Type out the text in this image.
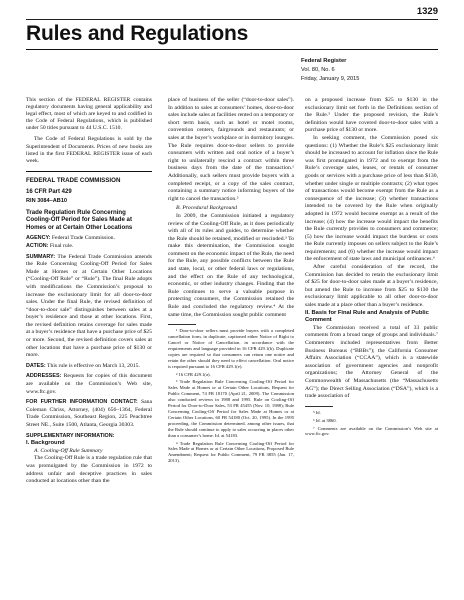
1329
Rules and Regulations
Federal Register
Vol. 80, No. 6
Friday, January 9, 2015

This section of the FEDERAL REGISTER contains regulatory documents having general applicability and legal effect, most of which are keyed to and codified in the Code of Federal Regulations, which is published under 50 titles pursuant to 44 U.S.C. 1510.

The Code of Federal Regulations is sold by the Superintendent of Documents. Prices of new books are listed in the first FEDERAL REGISTER issue of each week.

FEDERAL TRADE COMMISSION
16 CFR Part 429
RIN 3084–AB10
Trade Regulation Rule Concerning Cooling-Off Period for Sales Made at Homes or at Certain Other Locations

AGENCY: Federal Trade Commission.

ACTION: Final rule.

SUMMARY: The Federal Trade Commission amends the Rule Concerning Cooling-Off Period for Sales Made at Homes or at Certain Other Locations (“Cooling-Off Rule” or “Rule”). The final Rule adopts with modifications the Commission’s proposal to increase the exclusionary limit for all door-to-door sales. Under the final Rule, the revised definition of “door-to-door sale” distinguishes between sales at a buyer’s residence and those at other locations. First, the revised definition retains coverage for sales made at a buyer’s residence that have a purchase price of $25 or more. Second, the revised definition covers sales at other locations that have a purchase price of $130 or more.

DATES: This rule is effective on March 13, 2015.

ADDRESSES: Requests for copies of this document are available on the Commission’s Web site, www.ftc.gov.

FOR FURTHER INFORMATION CONTACT: Sana Coleman Chriss, Attorney, (404) 656–1364, Federal Trade Commission, Southeast Region, 225 Peachtree Street NE., Suite 1500, Atlanta, Georgia 30303.

SUPPLEMENTARY INFORMATION:

I. Background

A. Cooling-Off Rule Summary

The Cooling-Off Rule is a trade regulation rule that was promulgated by the Commission in 1972 to address unfair and deceptive practices in sales conducted at locations other than the

place of business of the seller (“door-to-door sales”). In addition to sales at consumers’ homes, door-to-door sales include sales at facilities rented on a temporary or short term basis, such as hotel or motel rooms, convention centers, fairgrounds and restaurants; or sales at the buyer’s workplace or in dormitory lounges. The Rule requires door-to-door sellers to provide consumers with written and oral notice of a buyer’s right to unilaterally rescind a contract within three business days from the date of the transaction.¹ Additionally, such sellers must provide buyers with a completed receipt, or a copy of the sales contract, containing a summary notice informing buyers of the right to cancel the transaction.²

B. Procedural Background

In 2009, the Commission initiated a regulatory review of the Cooling-Off Rule, as it does periodically with all of its rules and guides, to determine whether the Rule should be retained, modified or rescinded.³ To make this determination, the Commission sought comment on the economic impact of the Rule, the need for the Rule, any possible conflicts between the Rule and state, local, or other federal laws or regulations, and the effect on the Rule of any technological, economic, or other industry changes. Finding that the Rule continues to serve a valuable purpose in protecting consumers, the Commission retained the Rule and concluded the regulatory review.⁴ At the same time, the Commission sought public comment

¹ Door-to-door sellers must provide buyers with a completed cancellation form, in duplicate, captioned either Notice of Right to Cancel or Notice of Cancellation, in accordance with the requirements and language provided in 16 CFR 429.1(b). Duplicate copies are required so that consumers can return one notice and retain the other should they need to effect cancellation. Oral notice is required pursuant to 16 CFR 429.1(e).

² 16 CFR 429.1(a).

³ Trade Regulation Rule Concerning Cooling-Off Period for Sales Made at Homes or at Certain Other Locations, Request for Public Comment, 74 FR 18170 (April 21, 2009). The Commission also conducted reviews in 1988 and 1995. Rule on Cooling-Off Period for Door-to-Door Sales, 53 FR 45455 (Nov. 10, 1988); Rule Concerning Cooling-Off Period for Sales Made at Homes or at Certain Other Locations, 60 FR 54180 (Oct. 20, 1995). In the 1995 proceeding, the Commission determined, among other issues, that the Rule should continue to apply to sales occurring in places other than a consumer’s home. Id. at 54183.

⁴ Trade Regulation Rule Concerning Cooling-Off Period for Sales Made at Homes or at Certain Other Locations, Proposed Rule Amendment; Request for Public Comment, 79 FR 3855 (Jan. 17, 2013).

on a proposed increase from $25 to $130 in the exclusionary limit set forth in the Definitions section of the Rule.⁵ Under the proposed revision, the Rule’s definition would have covered door-to-door sales with a purchase price of $130 or more.

In seeking comment, the Commission posed six questions: (1) Whether the Rule’s $25 exclusionary limit should be increased to account for inflation since the Rule was first promulgated in 1972 and to exempt from the Rule’s coverage sales, leases, or rentals of consumer goods or services with a purchase price of less than $130, whether under single or multiple contracts; (2) what types of transactions would become exempt from the Rule as a consequence of the increase; (3) whether transactions intended to be covered by the Rule when originally adopted in 1972 would become exempt as a result of the increase; (4) how the increase would impact the benefits the Rule currently provides to consumers and commerce; (5) how the increase would impact the burdens or costs the Rule currently imposes on sellers subject to the Rule’s requirements; and (6) whether the increase would impact the enforcement of state laws and municipal ordinances.⁶

After careful consideration of the record, the Commission has decided to retain the exclusionary limit of $25 for door-to-door sales made at a buyer’s residence, but amend the Rule to increase from $25 to $130 the exclusionary limit applicable to all other door-to-door sales made at a place other than a buyer’s residence.

II. Basis for Final Rule and Analysis of Public Comment

The Commission received a total of 33 public comments from a broad range of groups and individuals.⁷ Commenters included representatives from Better Business Bureaus (“BBBs”); the California Consumer Affairs Association (“CCAA”), which is a statewide association of government agencies and nonprofit organizations; the Attorney General of the Commonwealth of Massachusetts (the “Massachusetts AG”); the Direct Selling Association (“DSA”), which is a trade association of

⁵ Id.

⁶ Id. at 3860.

⁷ Comments are available on the Commission’s Web site at www.ftc.gov.
